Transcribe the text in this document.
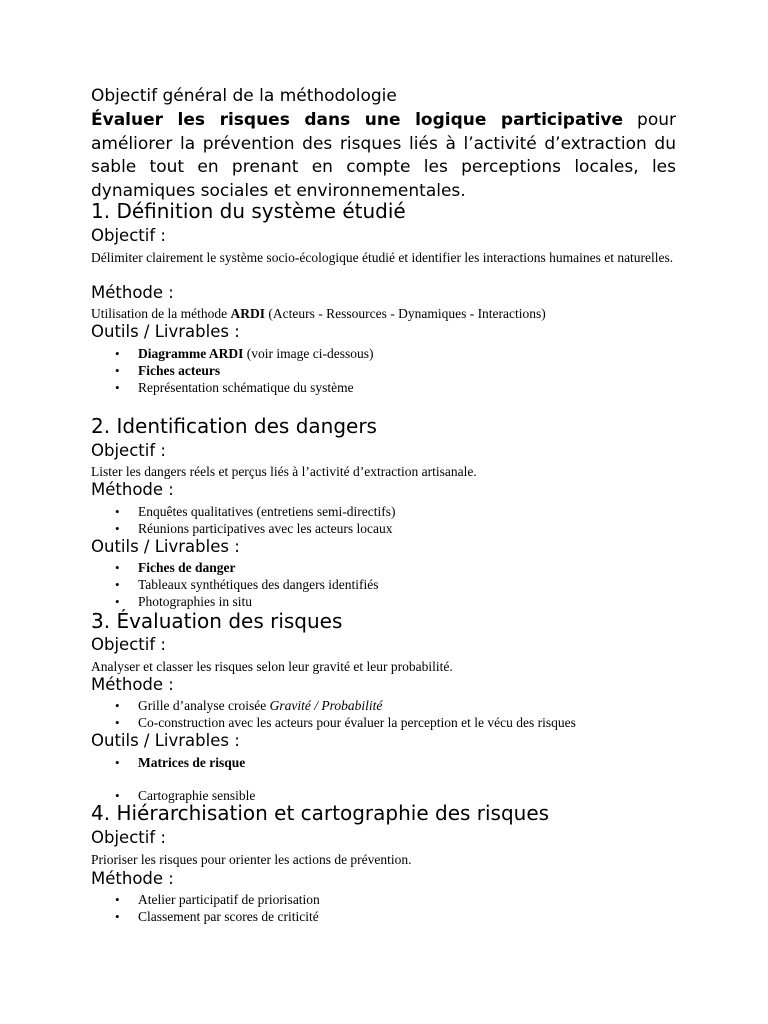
Objectif général de la méthodologie
Évaluer les risques dans une logique participative pour améliorer la prévention des risques liés à l’activité d’extraction du sable tout en prenant en compte les perceptions locales, les dynamiques sociales et environnementales.
1. Définition du système étudié
Objectif :
Délimiter clairement le système socio-écologique étudié et identifier les interactions humaines et naturelles.
Méthode :
Utilisation de la méthode ARDI (Acteurs - Ressources - Dynamiques - Interactions)
Outils / Livrables :
• Diagramme ARDI (voir image ci-dessous)
• Fiches acteurs
• Représentation schématique du système
2. Identification des dangers
Objectif :
Lister les dangers réels et perçus liés à l’activité d’extraction artisanale.
Méthode :
• Enquêtes qualitatives (entretiens semi-directifs)
• Réunions participatives avec les acteurs locaux
Outils / Livrables :
• Fiches de danger
• Tableaux synthétiques des dangers identifiés
• Photographies in situ
3. Évaluation des risques
Objectif :
Analyser et classer les risques selon leur gravité et leur probabilité.
Méthode :
• Grille d’analyse croisée Gravité / Probabilité
• Co-construction avec les acteurs pour évaluer la perception et le vécu des risques
Outils / Livrables :
• Matrices de risque
• Cartographie sensible
4. Hiérarchisation et cartographie des risques
Objectif :
Prioriser les risques pour orienter les actions de prévention.
Méthode :
• Atelier participatif de priorisation
• Classement par scores de criticité
